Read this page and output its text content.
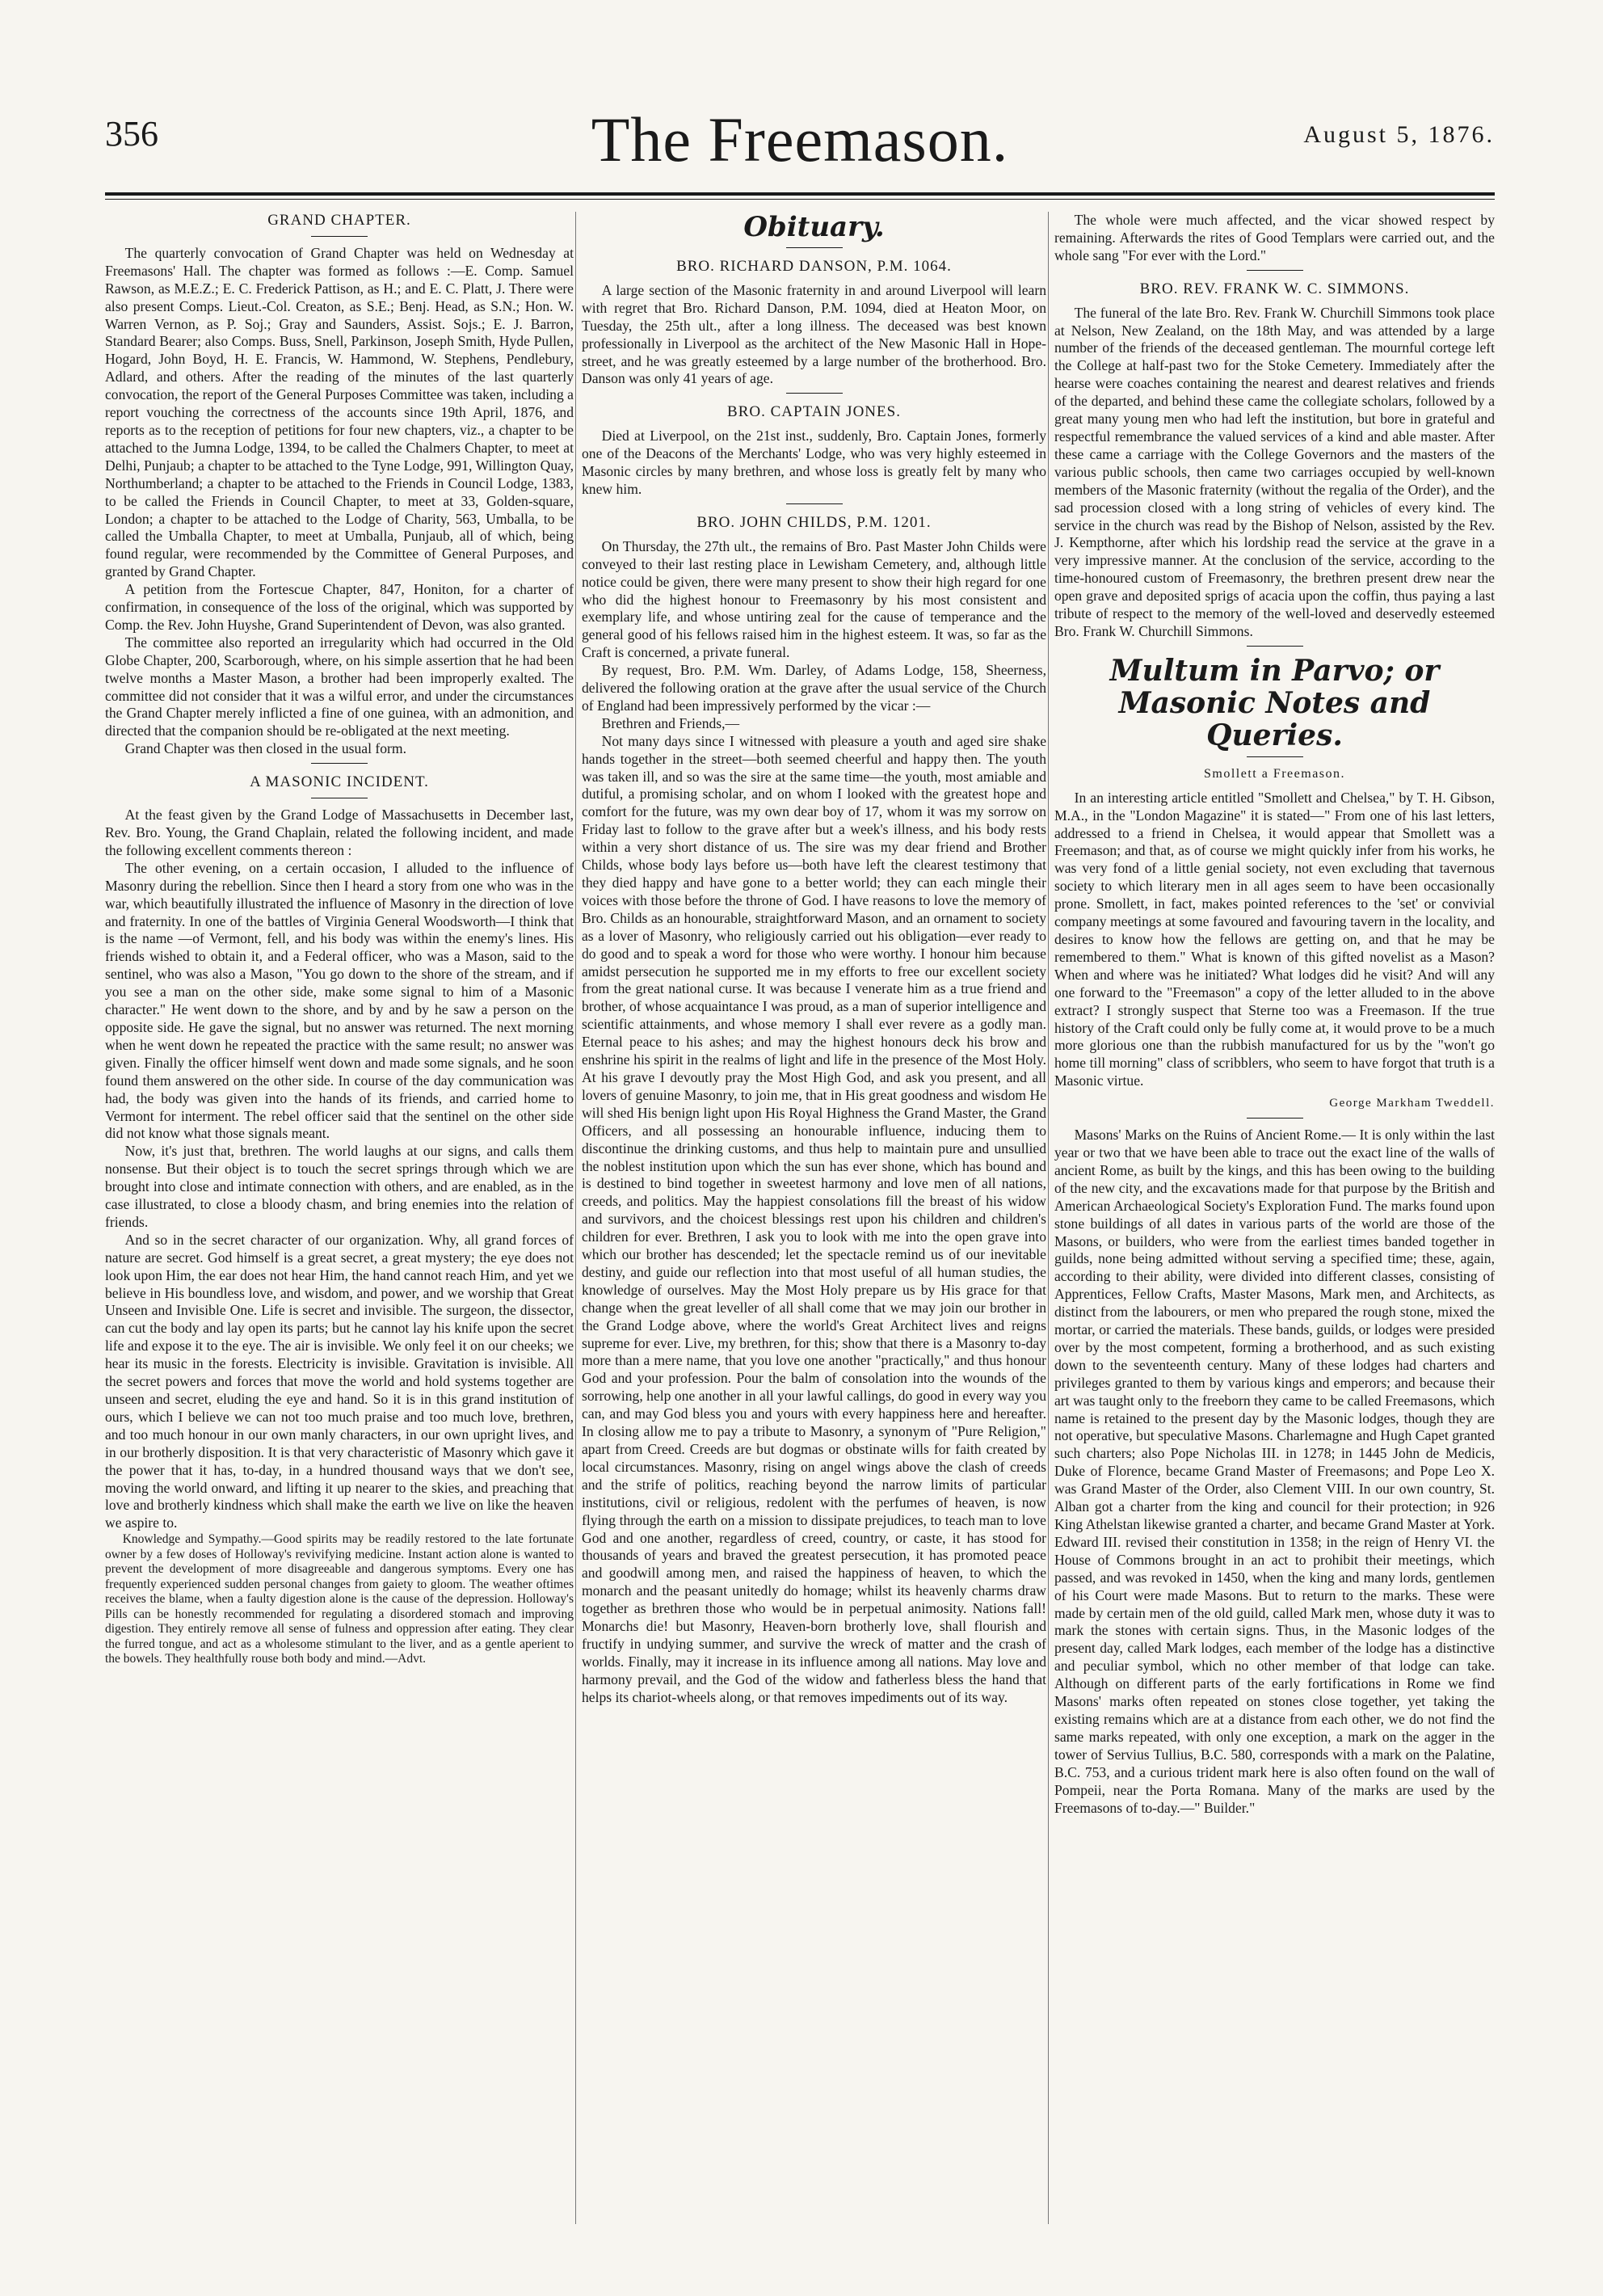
356	The Freemason.	August 5, 1876.
GRAND CHAPTER.

The quarterly convocation of Grand Chapter was held on Wednesday at Freemasons' Hall. The chapter was formed as follows :—E. Comp. Samuel Rawson, as M.E.Z.; E. C. Frederick Pattison, as H.; and E. C. Platt, J. There were also present Comps. Lieut.-Col. Creaton, as S.E.; Benj. Head, as S.N.; Hon. W. Warren Vernon, as P. Soj.; Gray and Saunders, Assist. Sojs.; E. J. Barron, Standard Bearer; also Comps. Buss, Snell, Parkinson, Joseph Smith, Hyde Pullen, Hogard, John Boyd, H. E. Francis, W. Hammond, W. Stephens, Pendlebury, Adlard, and others. After the reading of the minutes of the last quarterly convocation, the report of the General Purposes Committee was taken, including a report vouching the correctness of the accounts since 19th April, 1876, and reports as to the reception of petitions for four new chapters, viz., a chapter to be attached to the Jumna Lodge, 1394, to be called the Chalmers Chapter, to meet at Delhi, Punjaub; a chapter to be attached to the Tyne Lodge, 991, Willington Quay, Northumberland; a chapter to be attached to the Friends in Council Lodge, 1383, to be called the Friends in Council Chapter, to meet at 33, Golden-square, London; a chapter to be attached to the Lodge of Charity, 563, Umballa, to be called the Umballa Chapter, to meet at Umballa, Punjaub, all of which, being found regular, were recommended by the Committee of General Purposes, and granted by Grand Chapter.

A petition from the Fortescue Chapter, 847, Honiton, for a charter of confirmation, in consequence of the loss of the original, which was supported by Comp. the Rev. John Huyshe, Grand Superintendent of Devon, was also granted.

The committee also reported an irregularity which had occurred in the Old Globe Chapter, 200, Scarborough, where, on his simple assertion that he had been twelve months a Master Mason, a brother had been improperly exalted. The committee did not consider that it was a wilful error, and under the circumstances the Grand Chapter merely inflicted a fine of one guinea, with an admonition, and directed that the companion should be re-obligated at the next meeting.

Grand Chapter was then closed in the usual form.

A MASONIC INCIDENT.

At the feast given by the Grand Lodge of Massachusetts in December last, Rev. Bro. Young, the Grand Chaplain, related the following incident, and made the following excellent comments thereon :

The other evening, on a certain occasion, I alluded to the influence of Masonry during the rebellion. Since then I heard a story from one who was in the war, which beautifully illustrated the influence of Masonry in the direction of love and fraternity. In one of the battles of Virginia General Woodsworth—I think that is the name —of Vermont, fell, and his body was within the enemy's lines. His friends wished to obtain it, and a Federal officer, who was a Mason, said to the sentinel, who was also a Mason, "You go down to the shore of the stream, and if you see a man on the other side, make some signal to him of a Masonic character." He went down to the shore, and by and by he saw a person on the opposite side. He gave the signal, but no answer was returned. The next morning when he went down he repeated the practice with the same result; no answer was given. Finally the officer himself went down and made some signals, and he soon found them answered on the other side. In course of the day communication was had, the body was given into the hands of its friends, and carried home to Vermont for interment. The rebel officer said that the sentinel on the other side did not know what those signals meant.

Now, it's just that, brethren. The world laughs at our signs, and calls them nonsense. But their object is to touch the secret springs through which we are brought into close and intimate connection with others, and are enabled, as in the case illustrated, to close a bloody chasm, and bring enemies into the relation of friends.

And so in the secret character of our organization. Why, all grand forces of nature are secret. God himself is a great secret, a great mystery; the eye does not look upon Him, the ear does not hear Him, the hand cannot reach Him, and yet we believe in His boundless love, and wisdom, and power, and we worship that Great Unseen and Invisible One. Life is secret and invisible. The surgeon, the dissector, can cut the body and lay open its parts; but he cannot lay his knife upon the secret life and expose it to the eye. The air is invisible. We only feel it on our cheeks; we hear its music in the forests. Electricity is invisible. Gravitation is invisible. All the secret powers and forces that move the world and hold systems together are unseen and secret, eluding the eye and hand. So it is in this grand institution of ours, which I believe we can not too much praise and too much love, brethren, and too much honour in our own manly characters, in our own upright lives, and in our brotherly disposition. It is that very characteristic of Masonry which gave it the power that it has, to-day, in a hundred thousand ways that we don't see, moving the world onward, and lifting it up nearer to the skies, and preaching that love and brotherly kindness which shall make the earth we live on like the heaven we aspire to.

Knowledge and Sympathy.—Good spirits may be readily restored to the late fortunate owner by a few doses of Holloway's revivifying medicine. Instant action alone is wanted to prevent the development of more disagreeable and dangerous symptoms. Every one has frequently experienced sudden personal changes from gaiety to gloom. The weather oftimes receives the blame, when a faulty digestion alone is the cause of the depression. Holloway's Pills can be honestly recommended for regulating a disordered stomach and improving digestion. They entirely remove all sense of fulness and oppression after eating. They clear the furred tongue, and act as a wholesome stimulant to the liver, and as a gentle aperient to the bowels. They healthfully rouse both body and mind.—Advt.

Obituary.
BRO. RICHARD DANSON, P.M. 1064.

A large section of the Masonic fraternity in and around Liverpool will learn with regret that Bro. Richard Danson, P.M. 1094, died at Heaton Moor, on Tuesday, the 25th ult., after a long illness. The deceased was best known professionally in Liverpool as the architect of the New Masonic Hall in Hope-street, and he was greatly esteemed by a large number of the brotherhood. Bro. Danson was only 41 years of age.

BRO. CAPTAIN JONES.

Died at Liverpool, on the 21st inst., suddenly, Bro. Captain Jones, formerly one of the Deacons of the Merchants' Lodge, who was very highly esteemed in Masonic circles by many brethren, and whose loss is greatly felt by many who knew him.

BRO. JOHN CHILDS, P.M. 1201.

On Thursday, the 27th ult., the remains of Bro. Past Master John Childs were conveyed to their last resting place in Lewisham Cemetery, and, although little notice could be given, there were many present to show their high regard for one who did the highest honour to Freemasonry by his most consistent and exemplary life, and whose untiring zeal for the cause of temperance and the general good of his fellows raised him in the highest esteem. It was, so far as the Craft is concerned, a private funeral.

By request, Bro. P.M. Wm. Darley, of Adams Lodge, 158, Sheerness, delivered the following oration at the grave after the usual service of the Church of England had been impressively performed by the vicar :—

Brethren and Friends,—

Not many days since I witnessed with pleasure a youth and aged sire shake hands together in the street—both seemed cheerful and happy then. The youth was taken ill, and so was the sire at the same time—the youth, most amiable and dutiful, a promising scholar, and on whom I looked with the greatest hope and comfort for the future, was my own dear boy of 17, whom it was my sorrow on Friday last to follow to the grave after but a week's illness, and his body rests within a very short distance of us. The sire was my dear friend and Brother Childs, whose body lays before us—both have left the clearest testimony that they died happy and have gone to a better world; they can each mingle their voices with those before the throne of God. I have reasons to love the memory of Bro. Childs as an honourable, straightforward Mason, and an ornament to society as a lover of Masonry, who religiously carried out his obligation—ever ready to do good and to speak a word for those who were worthy. I honour him because amidst persecution he supported me in my efforts to free our excellent society from the great national curse. It was because I venerate him as a true friend and brother, of whose acquaintance I was proud, as a man of superior intelligence and scientific attainments, and whose memory I shall ever revere as a godly man. Eternal peace to his ashes; and may the highest honours deck his brow and enshrine his spirit in the realms of light and life in the presence of the Most Holy. At his grave I devoutly pray the Most High God, and ask you present, and all lovers of genuine Masonry, to join me, that in His great goodness and wisdom He will shed His benign light upon His Royal Highness the Grand Master, the Grand Officers, and all possessing an honourable influence, inducing them to discontinue the drinking customs, and thus help to maintain pure and unsullied the noblest institution upon which the sun has ever shone, which has bound and is destined to bind together in sweetest harmony and love men of all nations, creeds, and politics. May the happiest consolations fill the breast of his widow and survivors, and the choicest blessings rest upon his children and children's children for ever. Brethren, I ask you to look with me into the open grave into which our brother has descended; let the spectacle remind us of our inevitable destiny, and guide our reflection into that most useful of all human studies, the knowledge of ourselves. May the Most Holy prepare us by His grace for that change when the great leveller of all shall come that we may join our brother in the Grand Lodge above, where the world's Great Architect lives and reigns supreme for ever. Live, my brethren, for this; show that there is a Masonry to-day more than a mere name, that you love one another "practically," and thus honour God and your profession. Pour the balm of consolation into the wounds of the sorrowing, help one another in all your lawful callings, do good in every way you can, and may God bless you and yours with every happiness here and hereafter. In closing allow me to pay a tribute to Masonry, a synonym of "Pure Religion," apart from Creed. Creeds are but dogmas or obstinate wills for faith created by local circumstances. Masonry, rising on angel wings above the clash of creeds and the strife of politics, reaching beyond the narrow limits of particular institutions, civil or religious, redolent with the perfumes of heaven, is now flying through the earth on a mission to dissipate prejudices, to teach man to love God and one another, regardless of creed, country, or caste, it has stood for thousands of years and braved the greatest persecution, it has promoted peace and goodwill among men, and raised the happiness of heaven, to which the monarch and the peasant unitedly do homage; whilst its heavenly charms draw together as brethren those who would be in perpetual animosity. Nations fall! Monarchs die! but Masonry, Heaven-born brotherly love, shall flourish and fructify in undying summer, and survive the wreck of matter and the crash of worlds. Finally, may it increase in its influence among all nations. May love and harmony prevail, and the God of the widow and fatherless bless the hand that helps its chariot-wheels along, or that removes impediments out of its way.

The whole were much affected, and the vicar showed respect by remaining. Afterwards the rites of Good Templars were carried out, and the whole sang "For ever with the Lord."

BRO. REV. FRANK W. C. SIMMONS.

The funeral of the late Bro. Rev. Frank W. Churchill Simmons took place at Nelson, New Zealand, on the 18th May, and was attended by a large number of the friends of the deceased gentleman. The mournful cortege left the College at half-past two for the Stoke Cemetery. Immediately after the hearse were coaches containing the nearest and dearest relatives and friends of the departed, and behind these came the collegiate scholars, followed by a great many young men who had left the institution, but bore in grateful and respectful remembrance the valued services of a kind and able master. After these came a carriage with the College Governors and the masters of the various public schools, then came two carriages occupied by well-known members of the Masonic fraternity (without the regalia of the Order), and the sad procession closed with a long string of vehicles of every kind. The service in the church was read by the Bishop of Nelson, assisted by the Rev. J. Kempthorne, after which his lordship read the service at the grave in a very impressive manner. At the conclusion of the service, according to the time-honoured custom of Freemasonry, the brethren present drew near the open grave and deposited sprigs of acacia upon the coffin, thus paying a last tribute of respect to the memory of the well-loved and deservedly esteemed Bro. Frank W. Churchill Simmons.

Multum in Parvo; or Masonic Notes and Queries.
Smollett a Freemason.

In an interesting article entitled "Smollett and Chelsea," by T. H. Gibson, M.A., in the "London Magazine" it is stated—" From one of his last letters, addressed to a friend in Chelsea, it would appear that Smollett was a Freemason; and that, as of course we might quickly infer from his works, he was very fond of a little genial society, not even excluding that tavernous society to which literary men in all ages seem to have been occasionally prone. Smollett, in fact, makes pointed references to the 'set' or convivial company meetings at some favoured and favouring tavern in the locality, and desires to know how the fellows are getting on, and that he may be remembered to them." What is known of this gifted novelist as a Mason? When and where was he initiated? What lodges did he visit? And will any one forward to the "Freemason" a copy of the letter alluded to in the above extract? I strongly suspect that Sterne too was a Freemason. If the true history of the Craft could only be fully come at, it would prove to be a much more glorious one than the rubbish manufactured for us by the "won't go home till morning" class of scribblers, who seem to have forgot that truth is a Masonic virtue.

George Markham Tweddell.

Masons' Marks on the Ruins of Ancient Rome.— It is only within the last year or two that we have been able to trace out the exact line of the walls of ancient Rome, as built by the kings, and this has been owing to the building of the new city, and the excavations made for that purpose by the British and American Archaeological Society's Exploration Fund. The marks found upon stone buildings of all dates in various parts of the world are those of the Masons, or builders, who were from the earliest times banded together in guilds, none being admitted without serving a specified time; these, again, according to their ability, were divided into different classes, consisting of Apprentices, Fellow Crafts, Master Masons, Mark men, and Architects, as distinct from the labourers, or men who prepared the rough stone, mixed the mortar, or carried the materials. These bands, guilds, or lodges were presided over by the most competent, forming a brotherhood, and as such existing down to the seventeenth century. Many of these lodges had charters and privileges granted to them by various kings and emperors; and because their art was taught only to the freeborn they came to be called Freemasons, which name is retained to the present day by the Masonic lodges, though they are not operative, but speculative Masons. Charlemagne and Hugh Capet granted such charters; also Pope Nicholas III. in 1278; in 1445 John de Medicis, Duke of Florence, became Grand Master of Freemasons; and Pope Leo X. was Grand Master of the Order, also Clement VIII. In our own country, St. Alban got a charter from the king and council for their protection; in 926 King Athelstan likewise granted a charter, and became Grand Master at York. Edward III. revised their constitution in 1358; in the reign of Henry VI. the House of Commons brought in an act to prohibit their meetings, which passed, and was revoked in 1450, when the king and many lords, gentlemen of his Court were made Masons. But to return to the marks. These were made by certain men of the old guild, called Mark men, whose duty it was to mark the stones with certain signs. Thus, in the Masonic lodges of the present day, called Mark lodges, each member of the lodge has a distinctive and peculiar symbol, which no other member of that lodge can take. Although on different parts of the early fortifications in Rome we find Masons' marks often repeated on stones close together, yet taking the existing remains which are at a distance from each other, we do not find the same marks repeated, with only one exception, a mark on the agger in the tower of Servius Tullius, B.C. 580, corresponds with a mark on the Palatine, B.C. 753, and a curious trident mark here is also often found on the wall of Pompeii, near the Porta Romana. Many of the marks are used by the Freemasons of to-day.—" Builder."
